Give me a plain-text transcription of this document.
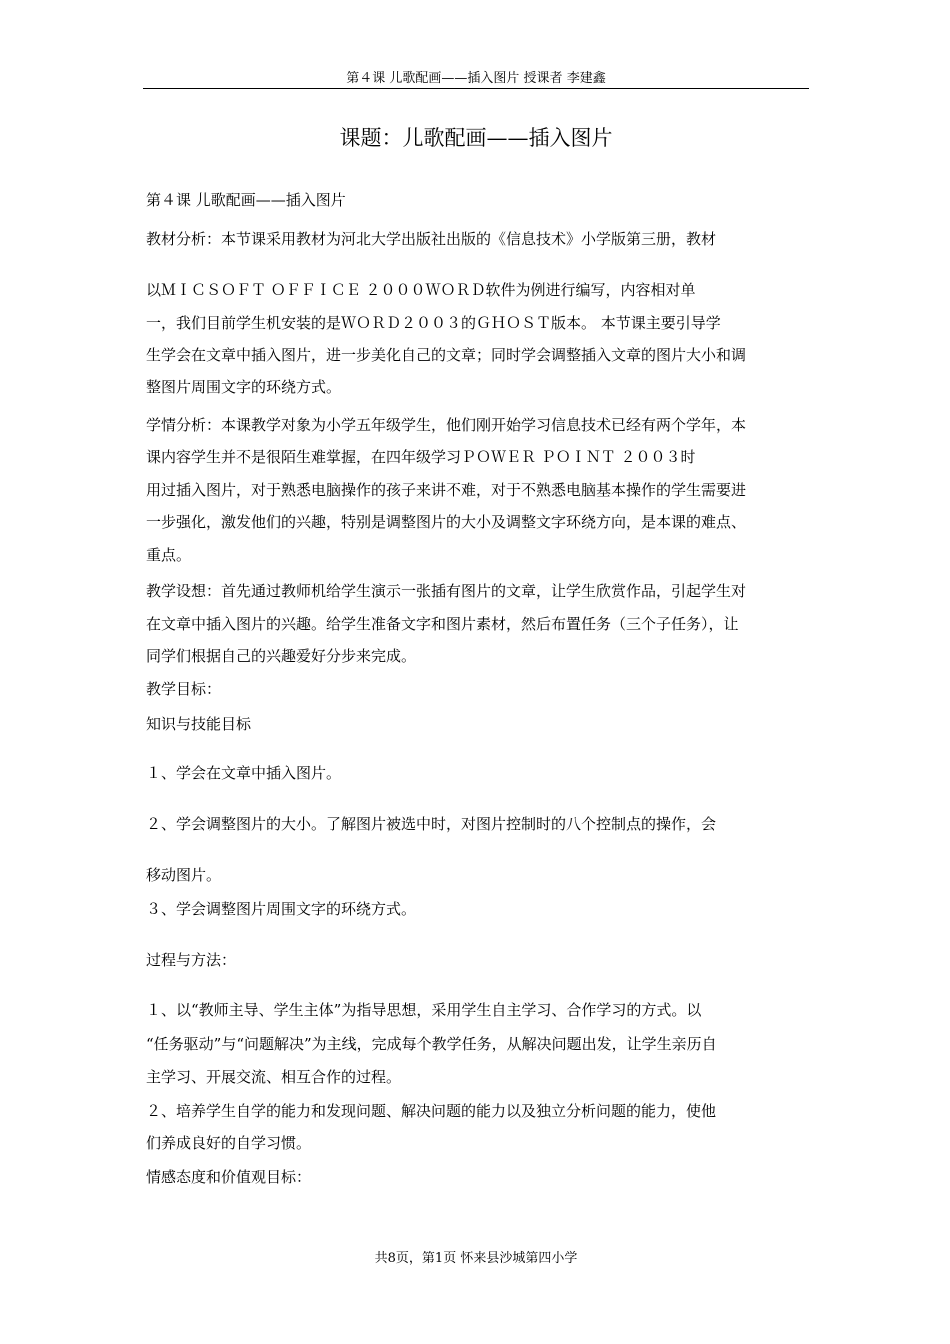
第４课 儿歌配画——插入图片 授课者 李建鑫
课题：儿歌配画——插入图片
第４课 儿歌配画——插入图片
教材分析：本节课采用教材为河北大学出版社出版的《信息技术》小学版第三册，教材
以ＭＩＣＳＯＦＴ ＯＦＦＩＣＥ ２０００ＷＯＲＤ软件为例进行编写，内容相对单
一，我们目前学生机安装的是ＷＯＲＤ２００３的ＧＨＯＳＴ版本。 本节课主要引导学
生学会在文章中插入图片，进一步美化自己的文章；同时学会调整插入文章的图片大小和调
整图片周围文字的环绕方式。
学情分析：本课教学对象为小学五年级学生，他们刚开始学习信息技术已经有两个学年，本
课内容学生并不是很陌生难掌握，在四年级学习ＰＯＷＥＲ ＰＯＩＮＴ ２００３时
用过插入图片，对于熟悉电脑操作的孩子来讲不难，对于不熟悉电脑基本操作的学生需要进
一步强化，激发他们的兴趣，特别是调整图片的大小及调整文字环绕方向，是本课的难点、
重点。
教学设想：首先通过教师机给学生演示一张插有图片的文章，让学生欣赏作品，引起学生对
在文章中插入图片的兴趣。给学生准备文字和图片素材，然后布置任务（三个子任务），让
同学们根据自己的兴趣爱好分步来完成。
教学目标：
知识与技能目标
１、学会在文章中插入图片。
２、学会调整图片的大小。了解图片被选中时，对图片控制时的八个控制点的操作，会
移动图片。
３、学会调整图片周围文字的环绕方式。
过程与方法：
１、以“教师主导、学生主体”为指导思想，采用学生自主学习、合作学习的方式。以
“任务驱动”与“问题解决”为主线，完成每个教学任务，从解决问题出发，让学生亲历自
主学习、开展交流、相互合作的过程。
２、培养学生自学的能力和发现问题、解决问题的能力以及独立分析问题的能力，使他
们养成良好的自学习惯。
情感态度和价值观目标：
共8页，第1页 怀来县沙城第四小学
